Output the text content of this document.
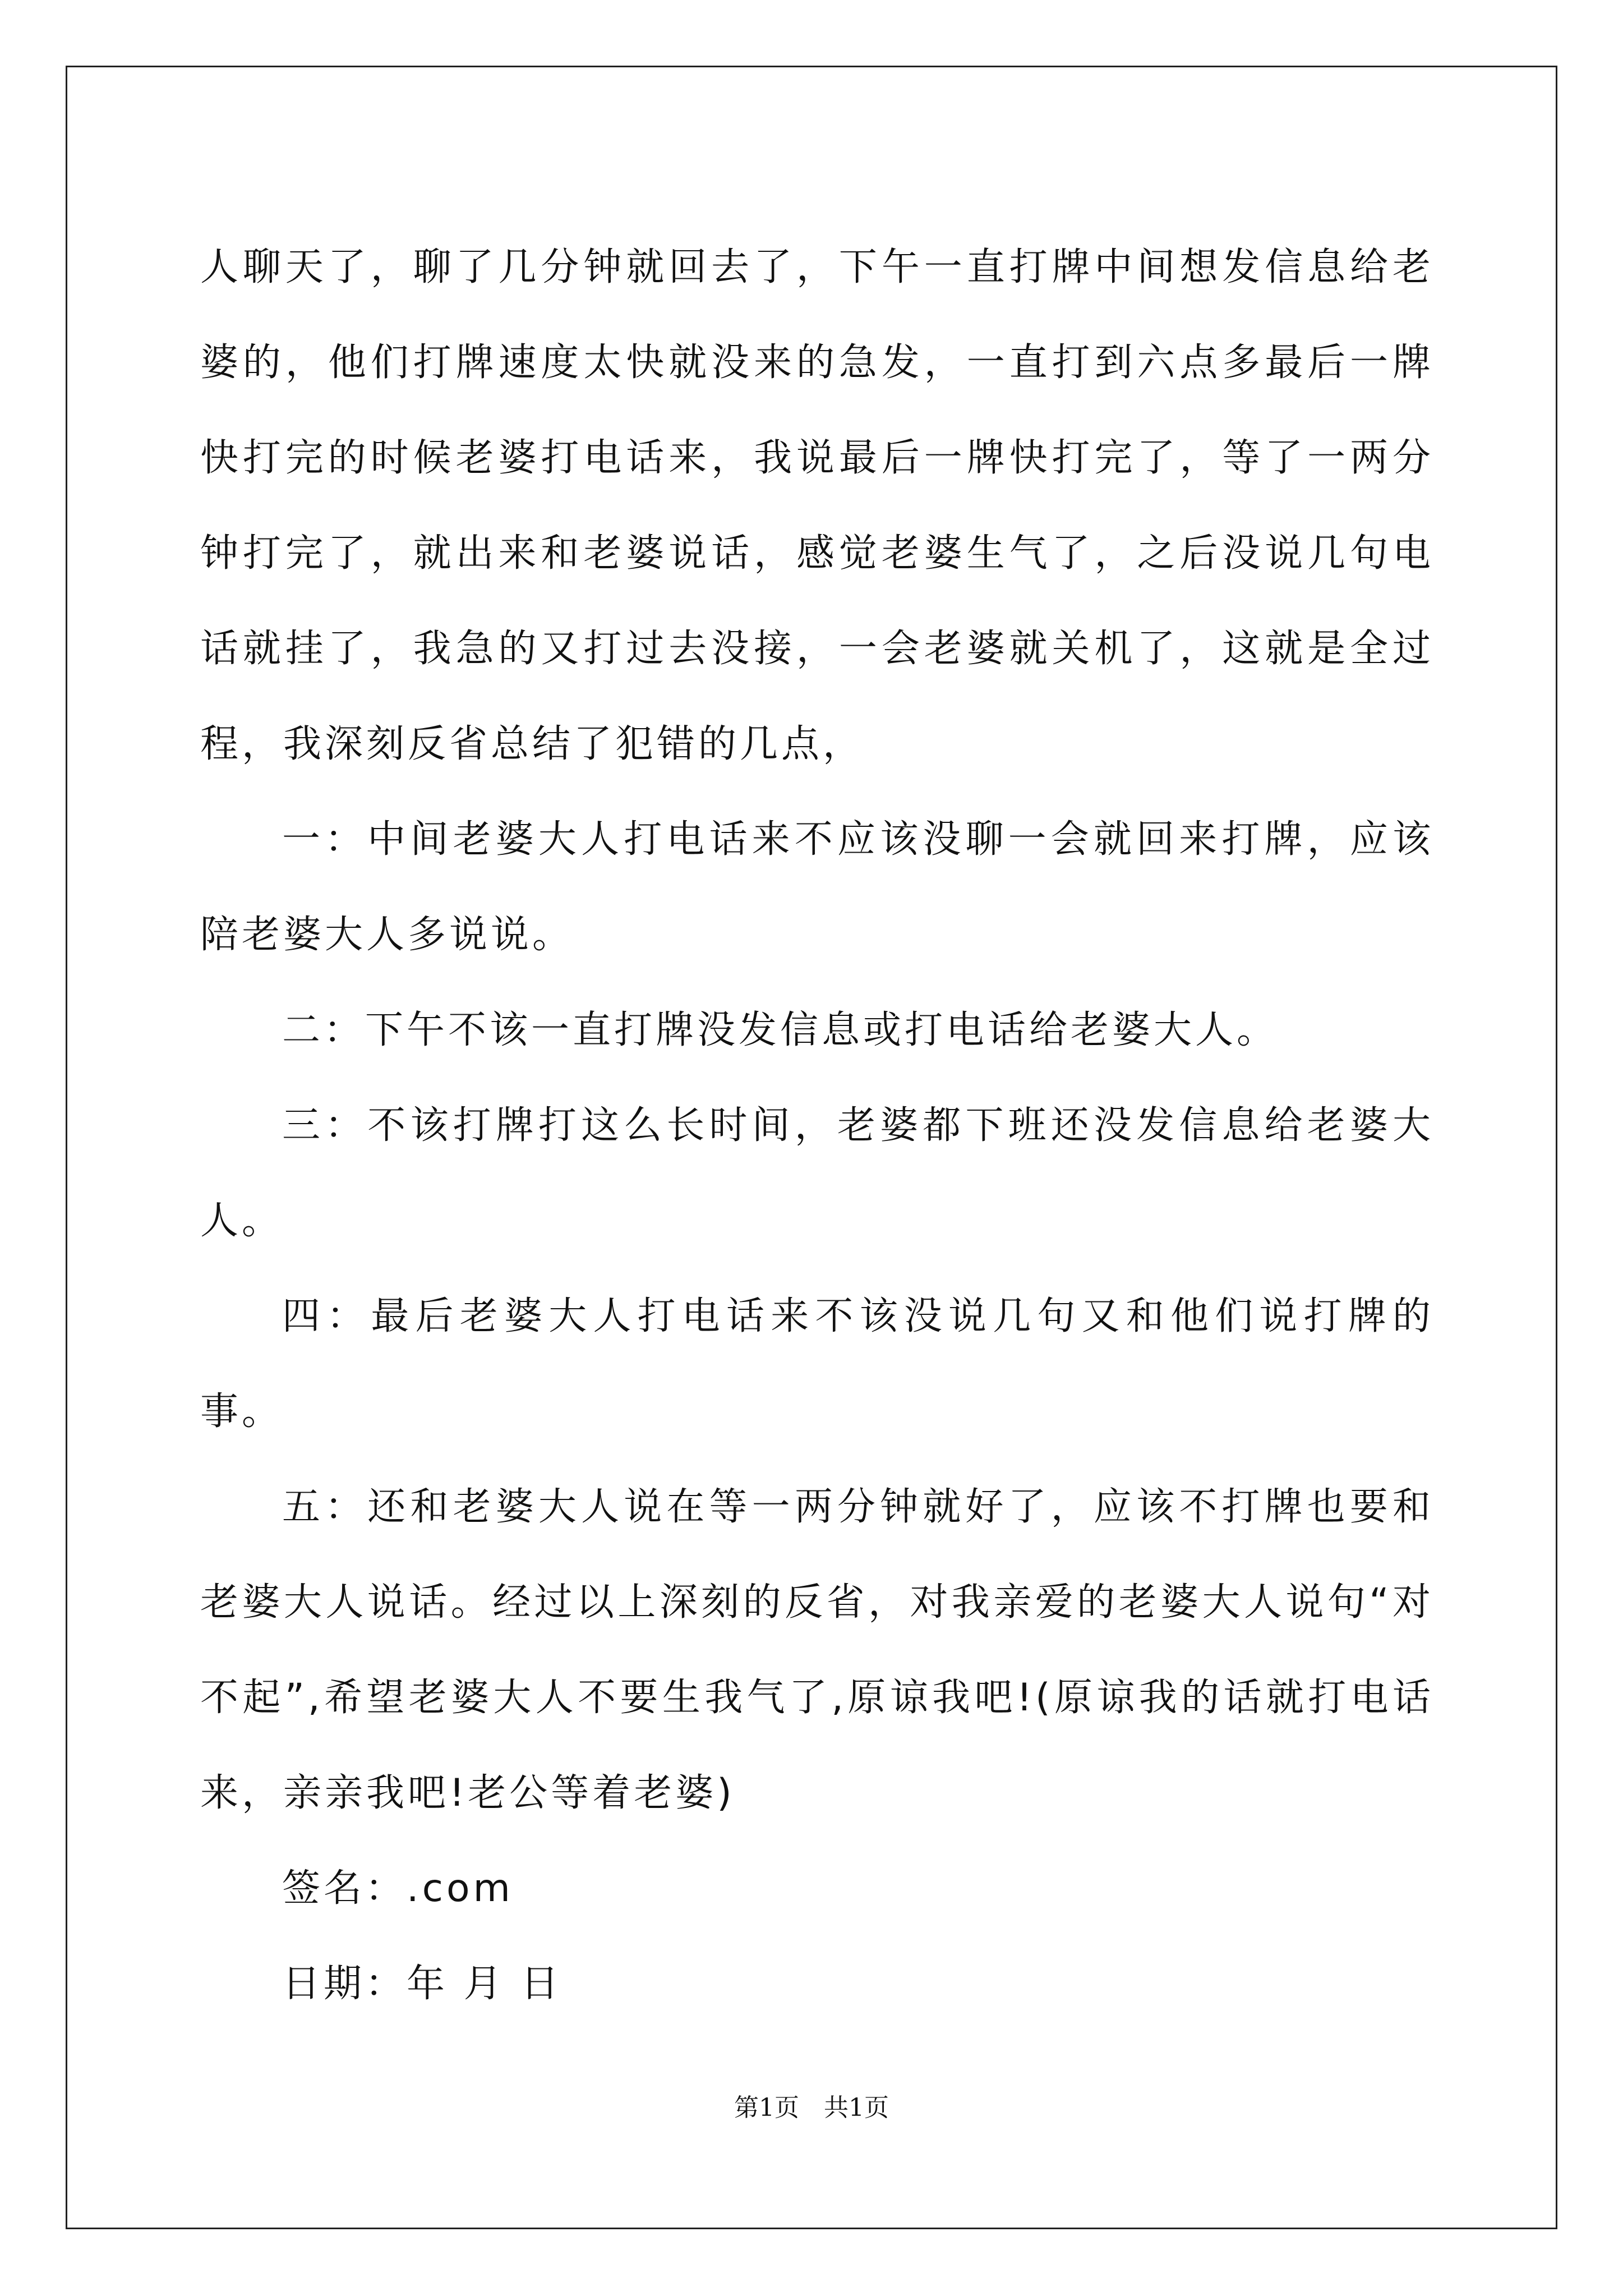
人聊天了，聊了几分钟就回去了，下午一直打牌中间想发信息给老婆的，他们打牌速度太快就没来的急发，一直打到六点多最后一牌快打完的时候老婆打电话来，我说最后一牌快打完了，等了一两分钟打完了，就出来和老婆说话，感觉老婆生气了，之后没说几句电话就挂了，我急的又打过去没接，一会老婆就关机了，这就是全过程，我深刻反省总结了犯错的几点，

一：中间老婆大人打电话来不应该没聊一会就回来打牌，应该陪老婆大人多说说。

二：下午不该一直打牌没发信息或打电话给老婆大人。

三：不该打牌打这么长时间，老婆都下班还没发信息给老婆大人。

四：最后老婆大人打电话来不该没说几句又和他们说打牌的事。

五：还和老婆大人说在等一两分钟就好了，应该不打牌也要和老婆大人说话。经过以上深刻的反省，对我亲爱的老婆大人说句“对不起”,希望老婆大人不要生我气了,原谅我吧!(原谅我的话就打电话来，亲亲我吧!老公等着老婆)

签名：.com

日期：年 月 日

第1页　共1页
